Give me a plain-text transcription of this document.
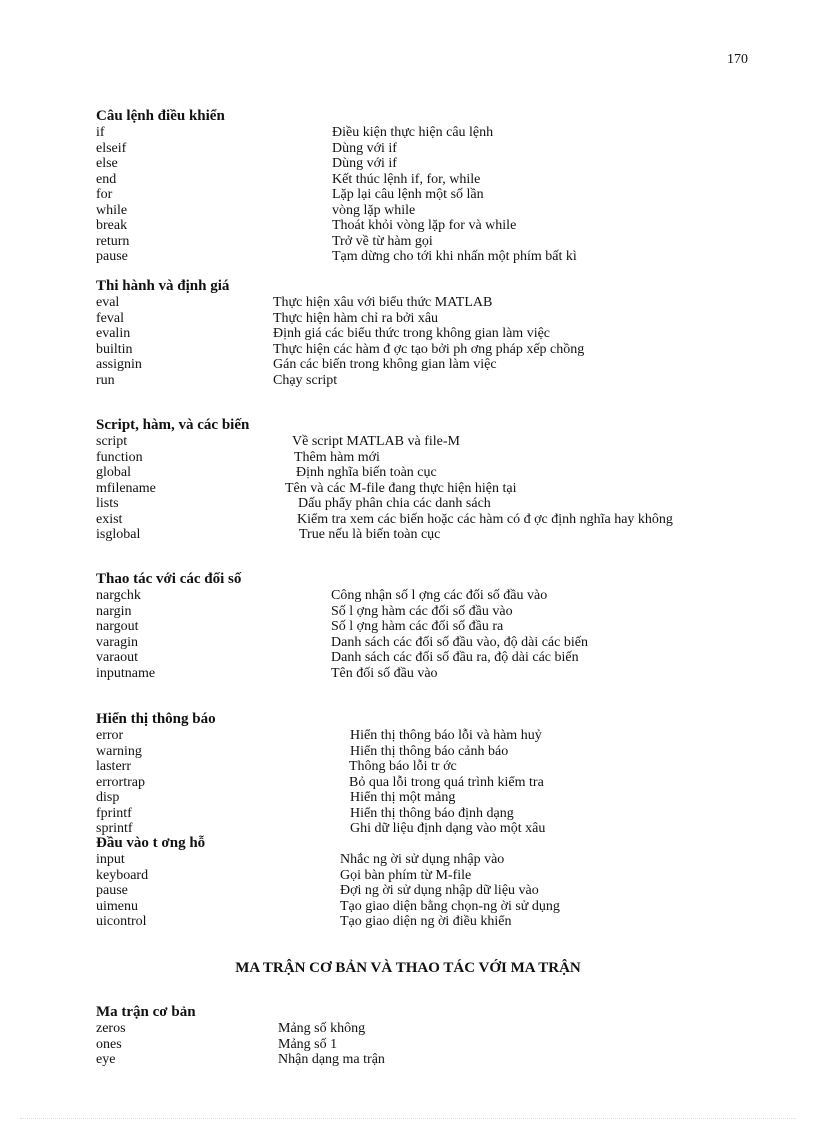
170
Câu lệnh điều khiển
if	Điều kiện thực hiện câu lệnh
elseif	Dùng với if
else	Dùng với if
end	Kết thúc lệnh if, for, while
for	Lặp lại câu lệnh một số lần
while	vòng lặp while
break	Thoát khỏi vòng lặp for và while
return	Trở về từ hàm gọi
pause	Tạm dừng cho tới khi nhấn một phím bất kì
Thi hành và định giá
eval	Thực hiện xâu với biểu thức MATLAB
feval	Thực hiện hàm chỉ ra bởi xâu
evalin	Định giá các biểu thức trong không gian làm việc
builtin	Thực hiện các hàm đ ợc tạo bởi ph ơng pháp xếp chồng
assignin	Gán các biến trong không gian làm việc
run	Chạy script
Script, hàm, và các biến
script	Về script MATLAB và file-M
function	Thêm hàm mới
global	Định nghĩa biến toàn cục
mfilename	Tên và các M-file đang thực hiện hiện tại
lists	Dấu phẩy phân chia các danh sách
exist	Kiểm tra xem các biến hoặc các hàm có đ ợc định nghĩa hay không
isglobal	True nếu là biến toàn cục
Thao tác với các đối số
nargchk	Công nhận số l ợng các đối số đầu vào
nargin	Số l ợng hàm các đối số đầu vào
nargout	Số l ợng hàm các đối số đầu ra
varagin	Danh sách các đối số đầu vào, độ dài các biến
varaout	Danh sách các đối số đầu ra, độ dài các biến
inputname	Tên đối số đầu vào
Hiển thị thông báo
error	Hiển thị thông báo lỗi và hàm huỷ
warning	Hiển thị thông báo cảnh báo
lasterr	Thông báo lỗi tr ớc
errortrap	Bỏ qua lỗi trong quá trình kiểm tra
disp	Hiển thị một mảng
fprintf	Hiển thị thông báo định dạng
sprintf	Ghi dữ liệu định dạng vào một xâu
Đầu vào t ơng hỗ
input	Nhắc ng ời sử dụng nhập vào
keyboard	Gọi bàn phím từ M-file
pause	Đợi ng ời sử dụng nhập dữ liệu vào
uimenu	Tạo giao diện bằng chọn-ng ời sử dụng
uicontrol	Tạo giao diện ng ời điều khiển
MA TRẬN CƠ BẢN VÀ THAO TÁC VỚI MA TRẬN
Ma trận cơ bản
zeros	Mảng số không
ones	Mảng số 1
eye	Nhận dạng ma trận
